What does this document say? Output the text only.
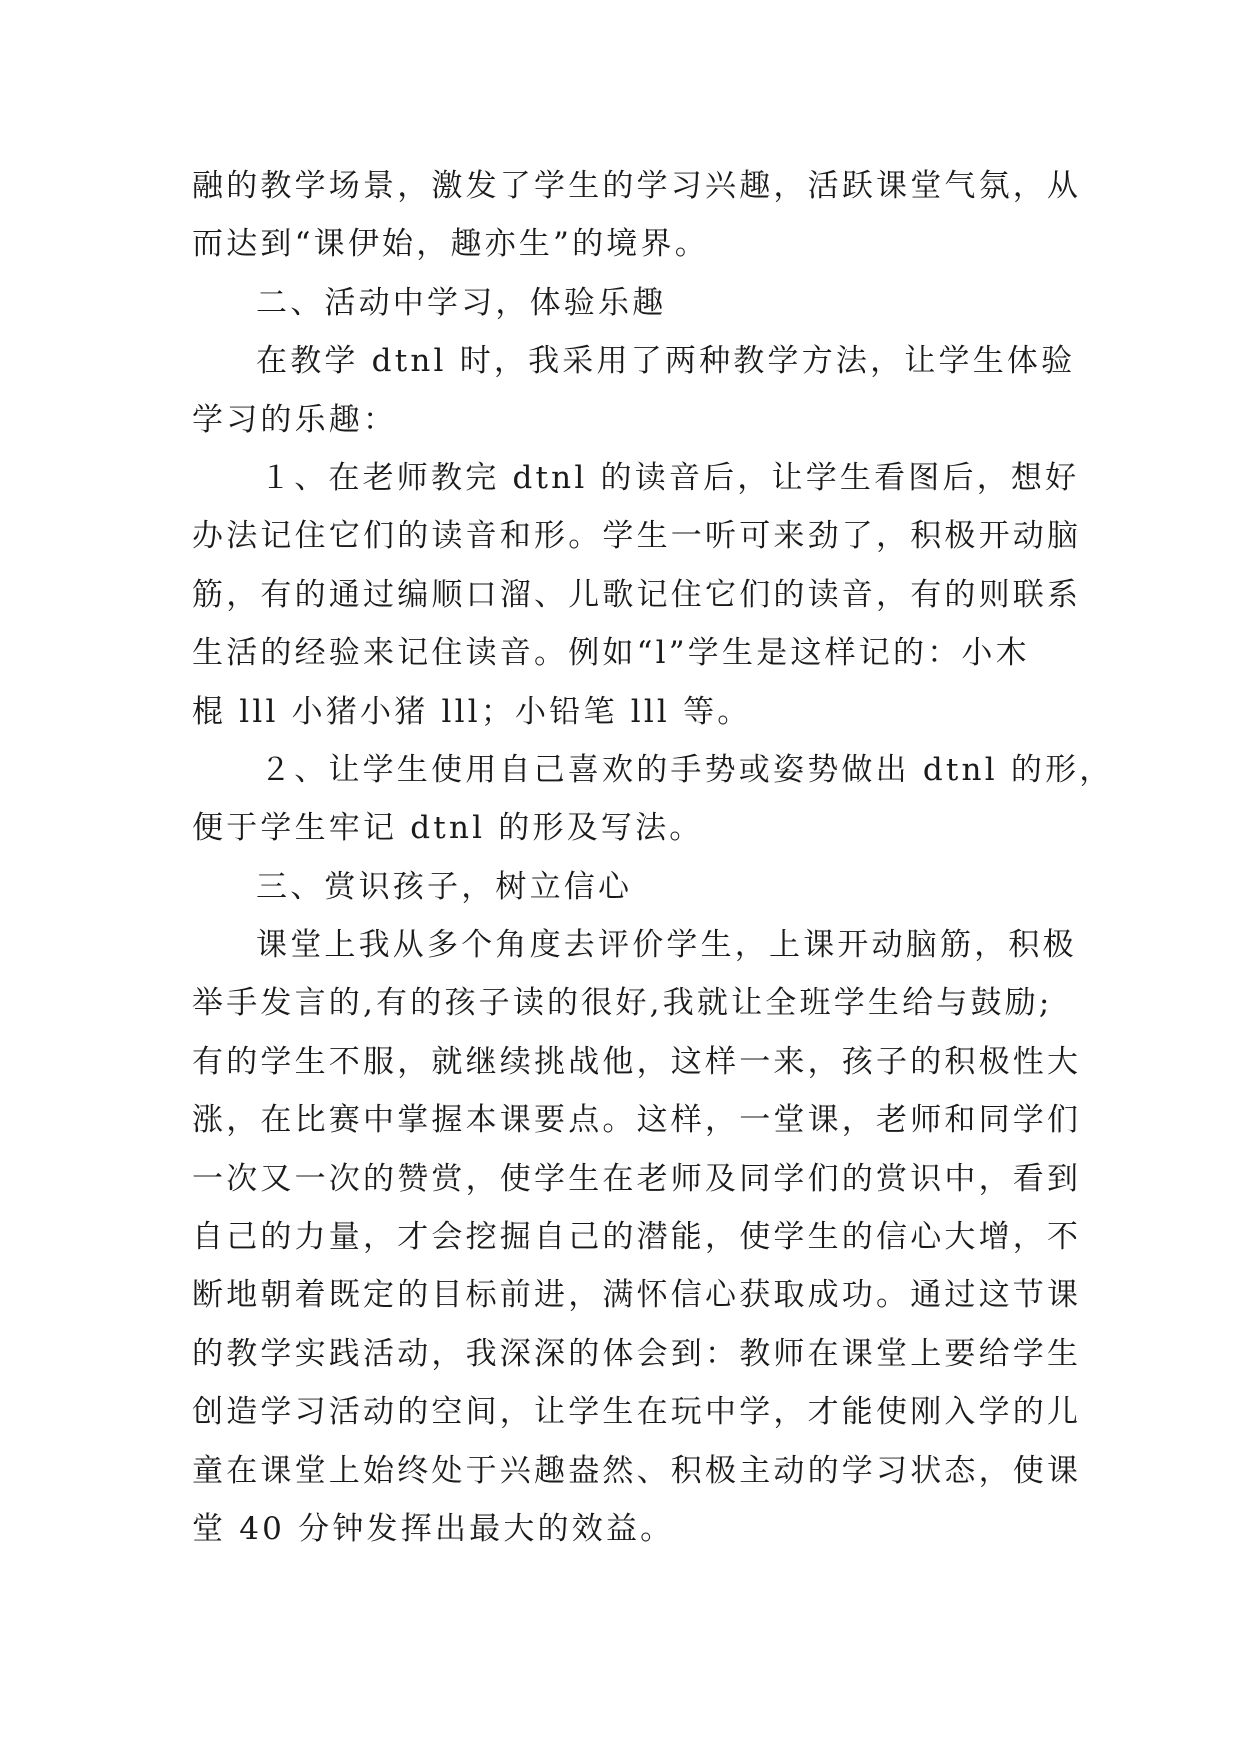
融的教学场景，激发了学生的学习兴趣，活跃课堂气氛，从
而达到“课伊始，趣亦生”的境界。
二、活动中学习，体验乐趣
在教学 dtnl 时，我采用了两种教学方法，让学生体验
学习的乐趣：
１、在老师教完 dtnl 的读音后，让学生看图后，想好
办法记住它们的读音和形。学生一听可来劲了，积极开动脑
筋，有的通过编顺口溜、儿歌记住它们的读音，有的则联系
生活的经验来记住读音。例如“l”学生是这样记的：小木
棍 lll 小猪小猪 lll；小铅笔 lll 等。
２、让学生使用自己喜欢的手势或姿势做出 dtnl 的形，
便于学生牢记 dtnl 的形及写法。
三、赏识孩子，树立信心
课堂上我从多个角度去评价学生，上课开动脑筋，积极
举手发言的,有的孩子读的很好,我就让全班学生给与鼓励;
有的学生不服，就继续挑战他，这样一来，孩子的积极性大
涨，在比赛中掌握本课要点。这样，一堂课，老师和同学们
一次又一次的赞赏，使学生在老师及同学们的赏识中，看到
自己的力量，才会挖掘自己的潜能，使学生的信心大增，不
断地朝着既定的目标前进，满怀信心获取成功。通过这节课
的教学实践活动，我深深的体会到：教师在课堂上要给学生
创造学习活动的空间，让学生在玩中学，才能使刚入学的儿
童在课堂上始终处于兴趣盎然、积极主动的学习状态，使课
堂 40 分钟发挥出最大的效益。
